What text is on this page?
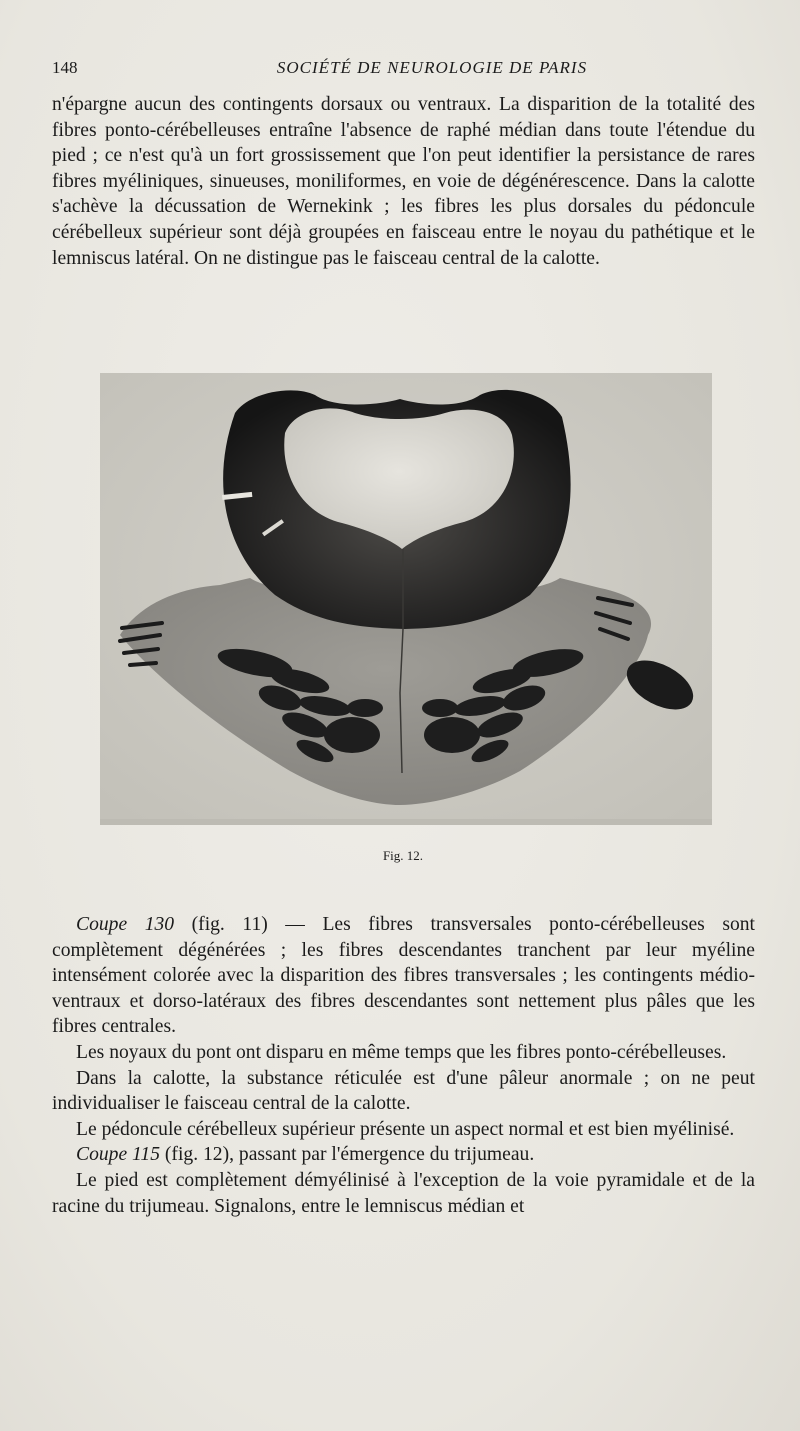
148	SOCIÉTÉ DE NEUROLOGIE DE PARIS

n'épargne aucun des contingents dorsaux ou ventraux. La disparition de la totalité des fibres ponto-cérébelleuses entraîne l'absence de raphé médian dans toute l'étendue du pied ; ce n'est qu'à un fort grossissement que l'on peut identifier la persistance de rares fibres myéliniques, sinueuses, moniliformes, en voie de dégénérescence. Dans la calotte s'achève la décussation de Wernekink ; les fibres les plus dorsales du pédoncule cérébelleux supérieur sont déjà groupées en faisceau entre le noyau du pathétique et le lemniscus latéral. On ne distingue pas le faisceau central de la calotte.

Fig. 12.

Coupe 130 (fig. 11) — Les fibres transversales ponto-cérébelleuses sont complètement dégénérées ; les fibres descendantes tranchent par leur myéline intensément colorée avec la disparition des fibres transversales ; les contingents médio-ventraux et dorso-latéraux des fibres descendantes sont nettement plus pâles que les fibres centrales.

Les noyaux du pont ont disparu en même temps que les fibres ponto-cérébelleuses.

Dans la calotte, la substance réticulée est d'une pâleur anormale ; on ne peut individualiser le faisceau central de la calotte.

Le pédoncule cérébelleux supérieur présente un aspect normal et est bien myélinisé.

Coupe 115 (fig. 12), passant par l'émergence du trijumeau.

Le pied est complètement démyélinisé à l'exception de la voie pyramidale et de la racine du trijumeau. Signalons, entre le lemniscus médian et
